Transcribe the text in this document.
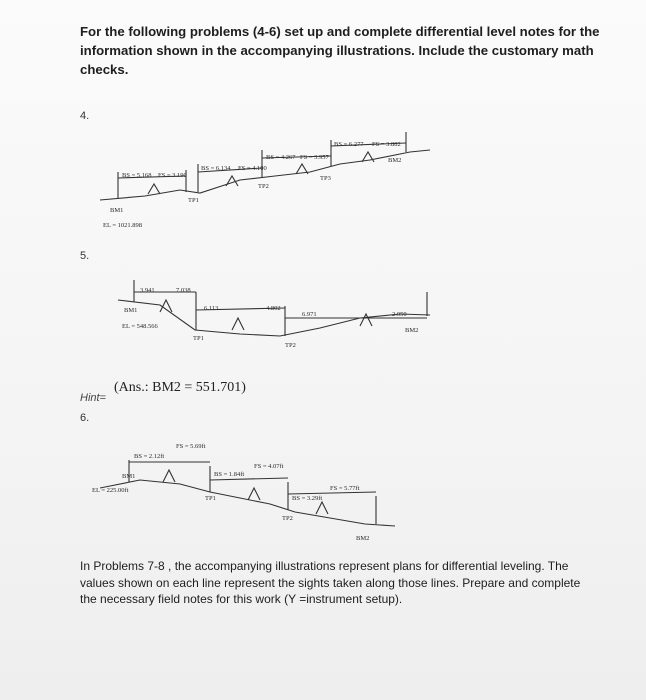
For the following problems (4-6) set up and complete differential level notes for the information shown in the accompanying illustrations. Include the customary math checks.
4.
5.
6.
Hint=
(Ans.: BM2 = 551.701)
BS = 5.168 FS = 3.190
BS = 6.134 FS = 4.100
BS = 4.267 FS = 3.957
BS = 6.277 FS = 3.882
BM1
EL = 1021.898
TP1
TP2
TP3
BM2
3.941	7.038
6.113	4.802
6.971	2.050
BM1
EL = 548.566
TP1
TP2
BM2
BS = 2.12ft
FS = 5.69ft
BS = 1.84ft
FS = 4.07ft
BS = 3.29ft
FS = 5.77ft
BM1
EL = 225.00ft
TP1
TP2
BM2
In Problems 7-8 , the accompanying illustrations represent plans for differential leveling. The values shown on each line represent the sights taken along those lines. Prepare and complete the necessary field notes for this work (Y =instrument setup).
